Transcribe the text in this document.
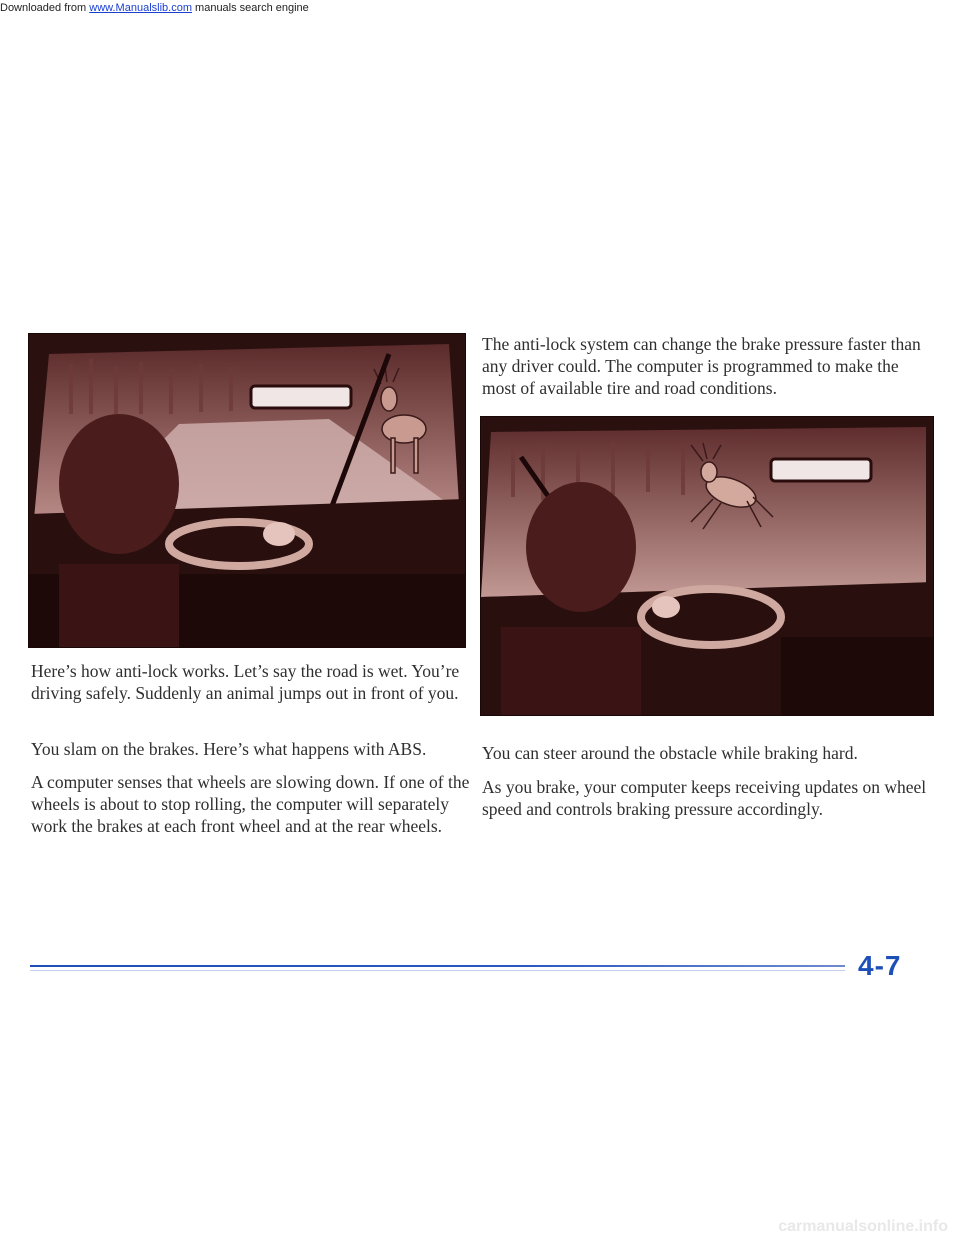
Downloaded from www.Manualslib.com manuals search engine

Here’s how anti-lock works. Let’s say the road is wet. You’re driving safely. Suddenly an animal jumps out in front of you.

You slam on the brakes. Here’s what happens with ABS.

A computer senses that wheels are slowing down. If one of the wheels is about to stop rolling, the computer will separately work the brakes at each front wheel and at the rear wheels.

The anti-lock system can change the brake pressure faster than any driver could. The computer is programmed to make the most of available tire and road conditions.

You can steer around the obstacle while braking hard.

As you brake, your computer keeps receiving updates on wheel speed and controls braking pressure accordingly.

4-7
carmanualsonline.info
